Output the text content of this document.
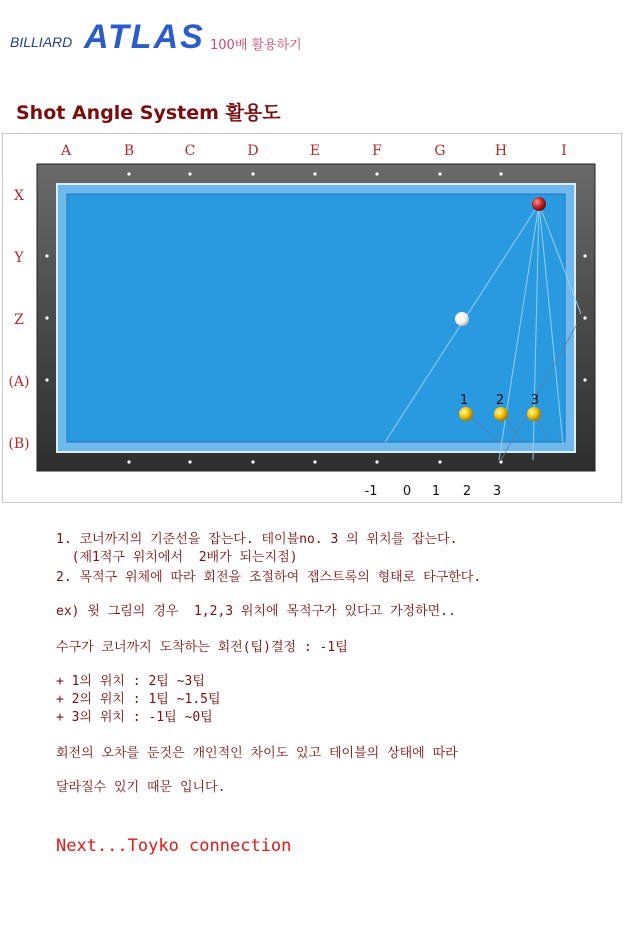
BILLIARD ATLAS 100배 활용하기
Shot Angle System 활용도
1 2 3
A	B	C	D	E	F	G	H	I
X
Y
Z
(A)
(B)
-1 0 1 2 3
1. 코너까지의 기준선을 잡는다. 테이블no. 3 의 위치를 잡는다.
(제1적구 위치에서  2배가 되는지점)
2. 목적구 위체에 따라 회전을 조절하여 잽스트록의 형태로 타구한다.
ex) 윗 그림의 경우  1,2,3 위치에 목적구가 있다고 가정하면..
수구가 코너까지 도착하는 회전(팁)결정 : -1팁
+ 1의 위치 : 2팁 ~3팁
+ 2의 위치 : 1팁 ~1.5팁
+ 3의 위치 : -1팁 ~0팁
회전의 오차를 둔것은 개인적인 차이도 있고 테이블의 상태에 따라
달라질수 있기 때문 입니다.
Next...Toyko connection
